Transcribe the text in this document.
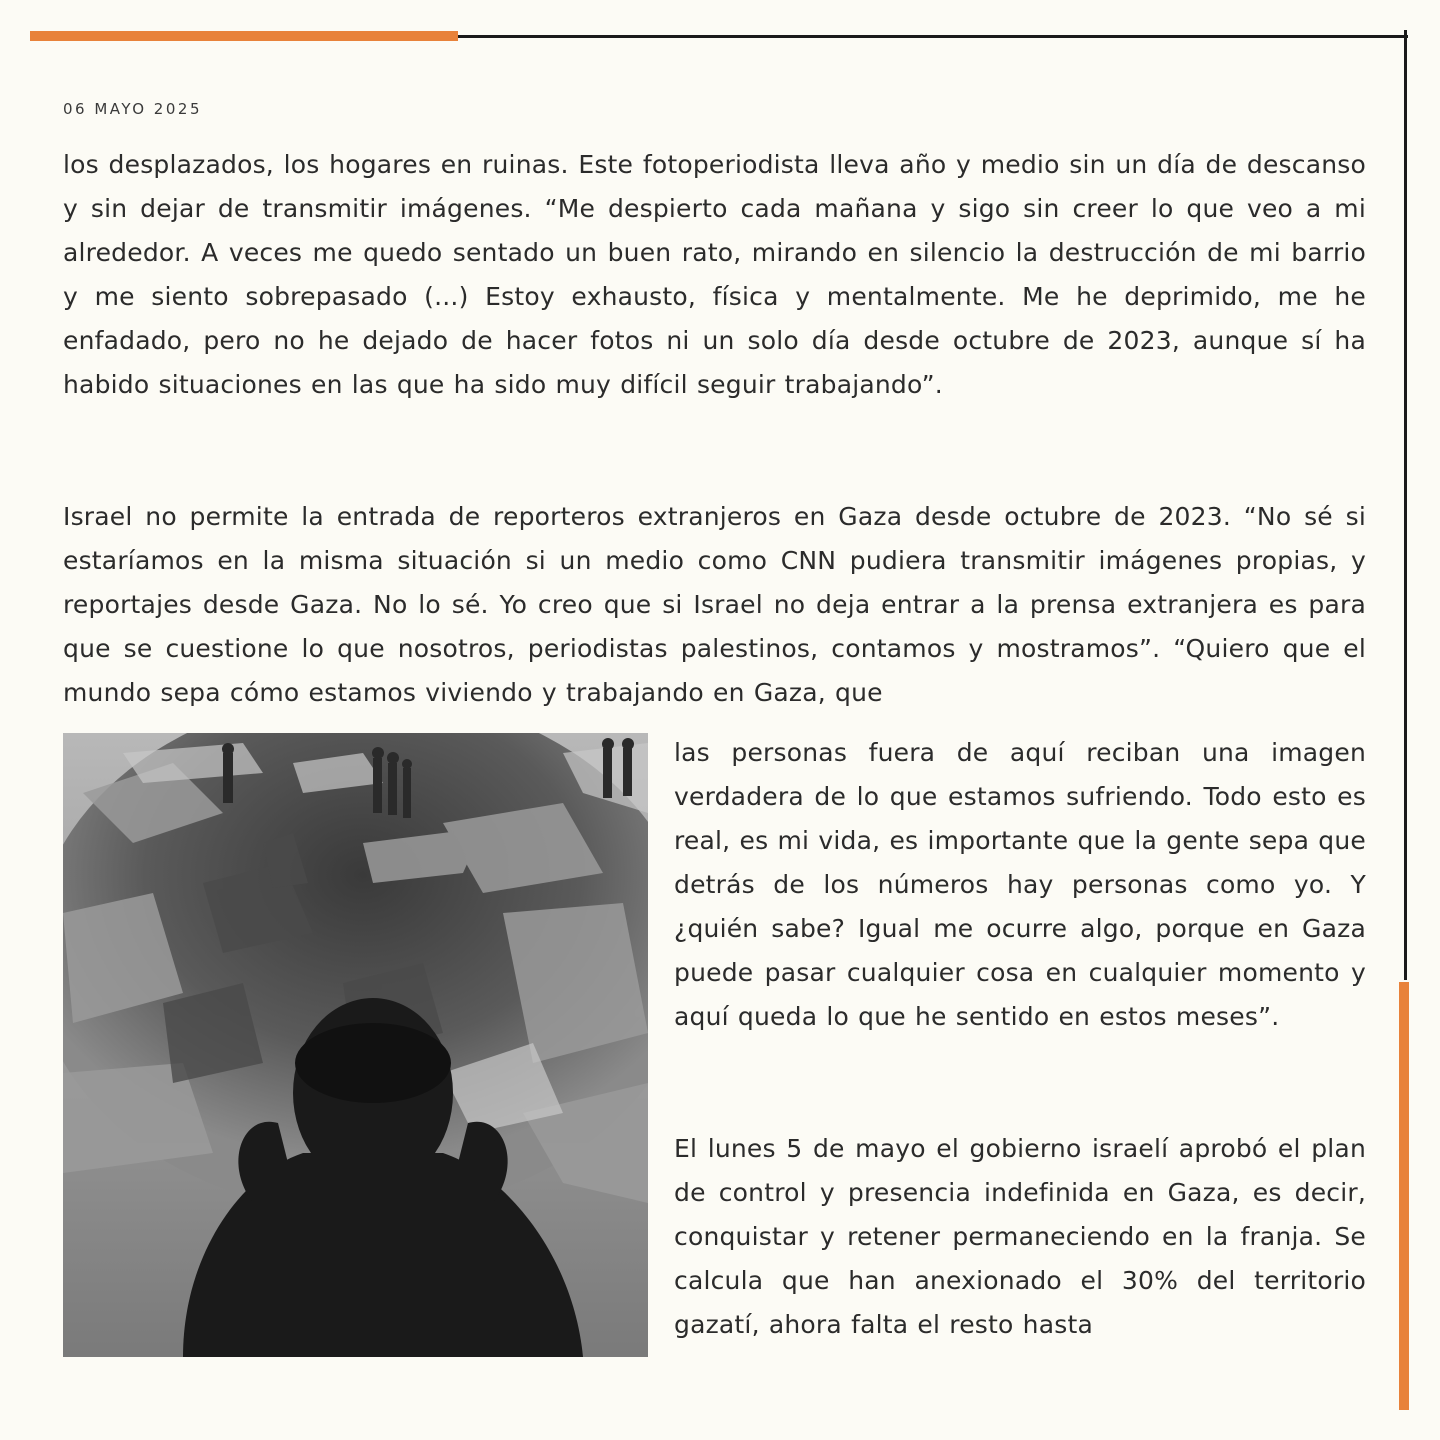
06 MAYO 2025

los desplazados, los hogares en ruinas. Este fotoperiodista lleva año y medio sin un día de descanso y sin dejar de transmitir imágenes. “Me despierto cada mañana y sigo sin creer lo que veo a mi alrededor. A veces me quedo sentado un buen rato, mirando en silencio la destrucción de mi barrio y me siento sobrepasado (...) Estoy exhausto, física y mentalmente. Me he deprimido, me he enfadado, pero no he dejado de hacer fotos ni un solo día desde octubre de 2023, aunque sí ha habido situaciones en las que ha sido muy difícil seguir trabajando”.

Israel no permite la entrada de reporteros extranjeros en Gaza desde octubre de 2023. “No sé si estaríamos en la misma situación si un medio como CNN pudiera transmitir imágenes propias, y reportajes desde Gaza. No lo sé. Yo creo que si Israel no deja entrar a la prensa extranjera es para que se cuestione lo que nosotros, periodistas palestinos, contamos y mostramos”. “Quiero que el mundo sepa cómo estamos viviendo y trabajando en Gaza, que

las personas fuera de aquí reciban una imagen verdadera de lo que estamos sufriendo. Todo esto es real, es mi vida, es importante que la gente sepa que detrás de los números hay personas como yo. Y ¿quién sabe? Igual me ocurre algo, porque en Gaza puede pasar cualquier cosa en cualquier momento y aquí queda lo que he sentido en estos meses”.

El lunes 5 de mayo el gobierno israelí aprobó el plan de control y presencia indefinida en Gaza, es decir, conquistar y retener permaneciendo en la franja. Se calcula que han anexionado el 30% del territorio gazatí, ahora falta el resto hasta
